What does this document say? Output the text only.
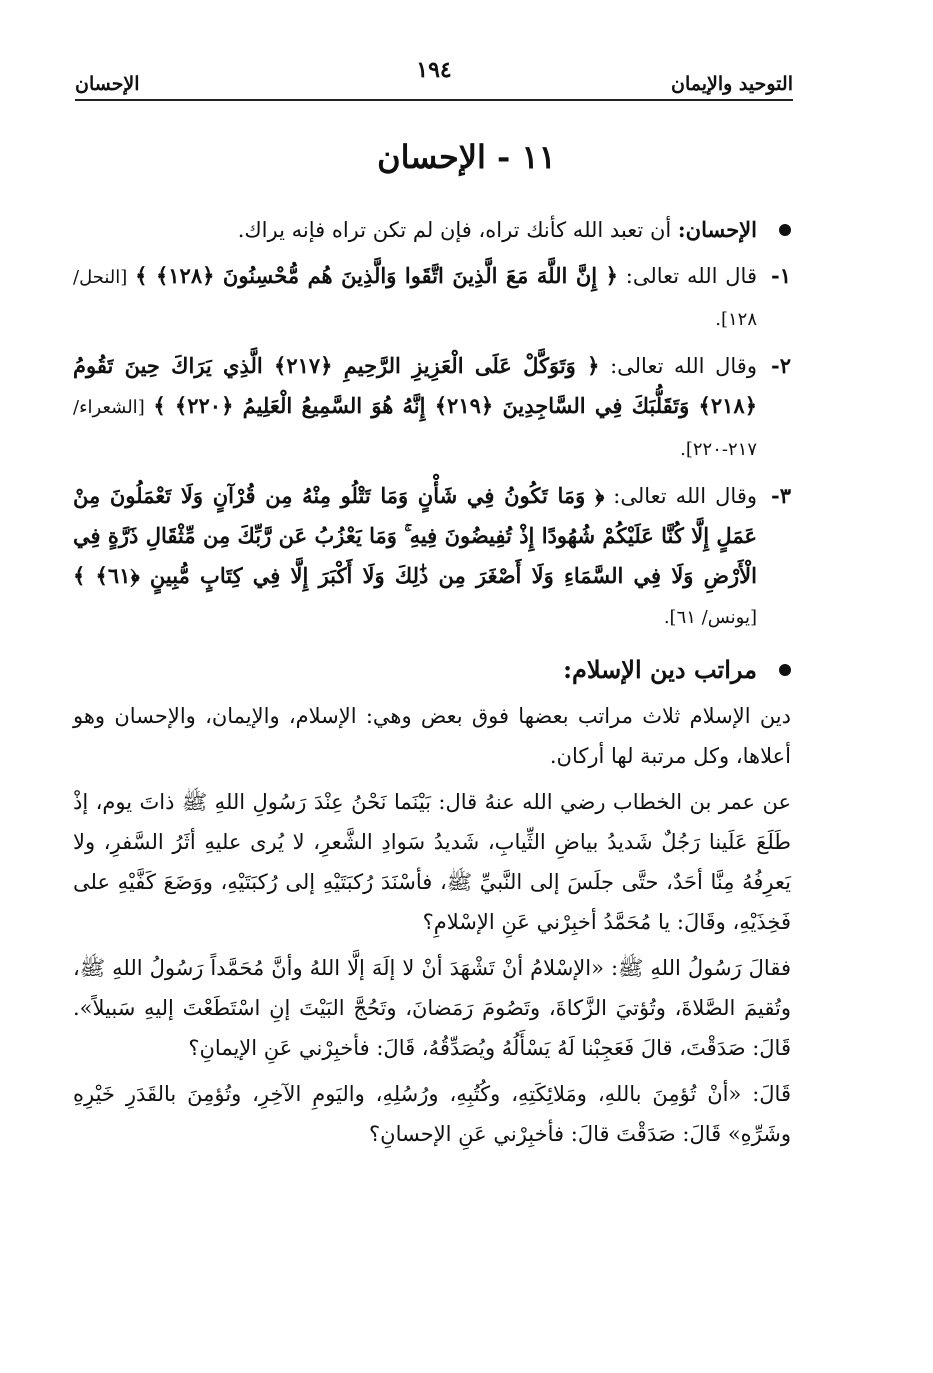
التوحيد والإيمان
١٩٤
الإحسان
١١ - الإحسان

الإحسان: أن تعبد الله كأنك تراه، فإن لم تكن تراه فإنه يراك.

١-
قال الله تعالى: ﴿ إِنَّ اللَّهَ مَعَ الَّذِينَ اتَّقَوا وَالَّذِينَ هُم مُّحْسِنُونَ ﴿١٢٨﴾ ﴾ [النحل/ ١٢٨].

٢-
وقال الله تعالى: ﴿ وَتَوَكَّلْ عَلَى الْعَزِيزِ الرَّحِيمِ ﴿٢١٧﴾ الَّذِي يَرَاكَ حِينَ تَقُومُ ﴿٢١٨﴾ وَتَقَلُّبَكَ فِي السَّاجِدِينَ ﴿٢١٩﴾ إِنَّهُ هُوَ السَّمِيعُ الْعَلِيمُ ﴿٢٢٠﴾ ﴾ [الشعراء/ ٢١٧-٢٢٠].

٣-
وقال الله تعالى: ﴿ وَمَا تَكُونُ فِي شَأْنٍ وَمَا تَتْلُو مِنْهُ مِن قُرْآنٍ وَلَا تَعْمَلُونَ مِنْ عَمَلٍ إِلَّا كُنَّا عَلَيْكُمْ شُهُودًا إِذْ تُفِيضُونَ فِيهِ ۚ وَمَا يَعْزُبُ عَن رَّبِّكَ مِن مِّثْقَالِ ذَرَّةٍ فِي الْأَرْضِ وَلَا فِي السَّمَاءِ وَلَا أَصْغَرَ مِن ذَٰلِكَ وَلَا أَكْبَرَ إِلَّا فِي كِتَابٍ مُّبِينٍ ﴿٦١﴾ ﴾ [يونس/ ٦١].

مراتب دين الإسلام:

دين الإسلام ثلاث مراتب بعضها فوق بعض وهي: الإسلام، والإيمان، والإحسان وهو أعلاها، وكل مرتبة لها أركان.

عن عمر بن الخطاب رضي الله عنهُ قال: بَيْنَما نَحْنُ عِنْدَ رَسُولِ اللهِ ﷺ ذاتَ يوم، إذْ طَلَعَ عَلَينا رَجُلٌ شَديدُ بياضِ الثِّيابِ، شَديدُ سَوادِ الشَّعرِ، لا يُرى عليهِ أثَرُ السَّفرِ، ولا يَعرِفُهُ مِنَّا أحَدٌ، حتَّى جلَسَ إلى النَّبيِّ ﷺ، فأسْنَدَ رُكبَتَيْهِ إلى رُكبَتَيْهِ، ووَضَعَ كَفَّيْهِ على فَخِذَيْهِ، وقَالَ: يا مُحَمَّدُ أخبِرْني عَنِ الإسْلامِ؟

فقالَ رَسُولُ اللهِ ﷺ: «الإسْلامُ أنْ تَشْهَدَ أنْ لا إلَهَ إلَّا اللهُ وأنَّ مُحَمَّداً رَسُولُ اللهِ ﷺ، وتُقيمَ الصَّلاةَ، وتُؤتيَ الزَّكاةَ، وتَصُومَ رَمَضانَ، وتَحُجَّ البَيْتَ إنِ اسْتَطَعْتَ إليهِ سَبيلاً». قَالَ: صَدَقْتَ، قالَ فَعَجِبْنا لَهُ يَسْأَلُهُ ويُصَدِّقُهُ، قَالَ: فأخبِرْني عَنِ الإيمانِ؟

قَالَ: «أنْ تُؤمِنَ باللهِ، ومَلائِكَتِهِ، وكُتُبِهِ، ورُسُلِهِ، واليَومِ الآخِرِ، وتُؤمِنَ بالقَدَرِ خَيْرِهِ وشَرِّهِ» قَالَ: صَدَقْتَ قالَ: فأخبِرْني عَنِ الإحسانِ؟
